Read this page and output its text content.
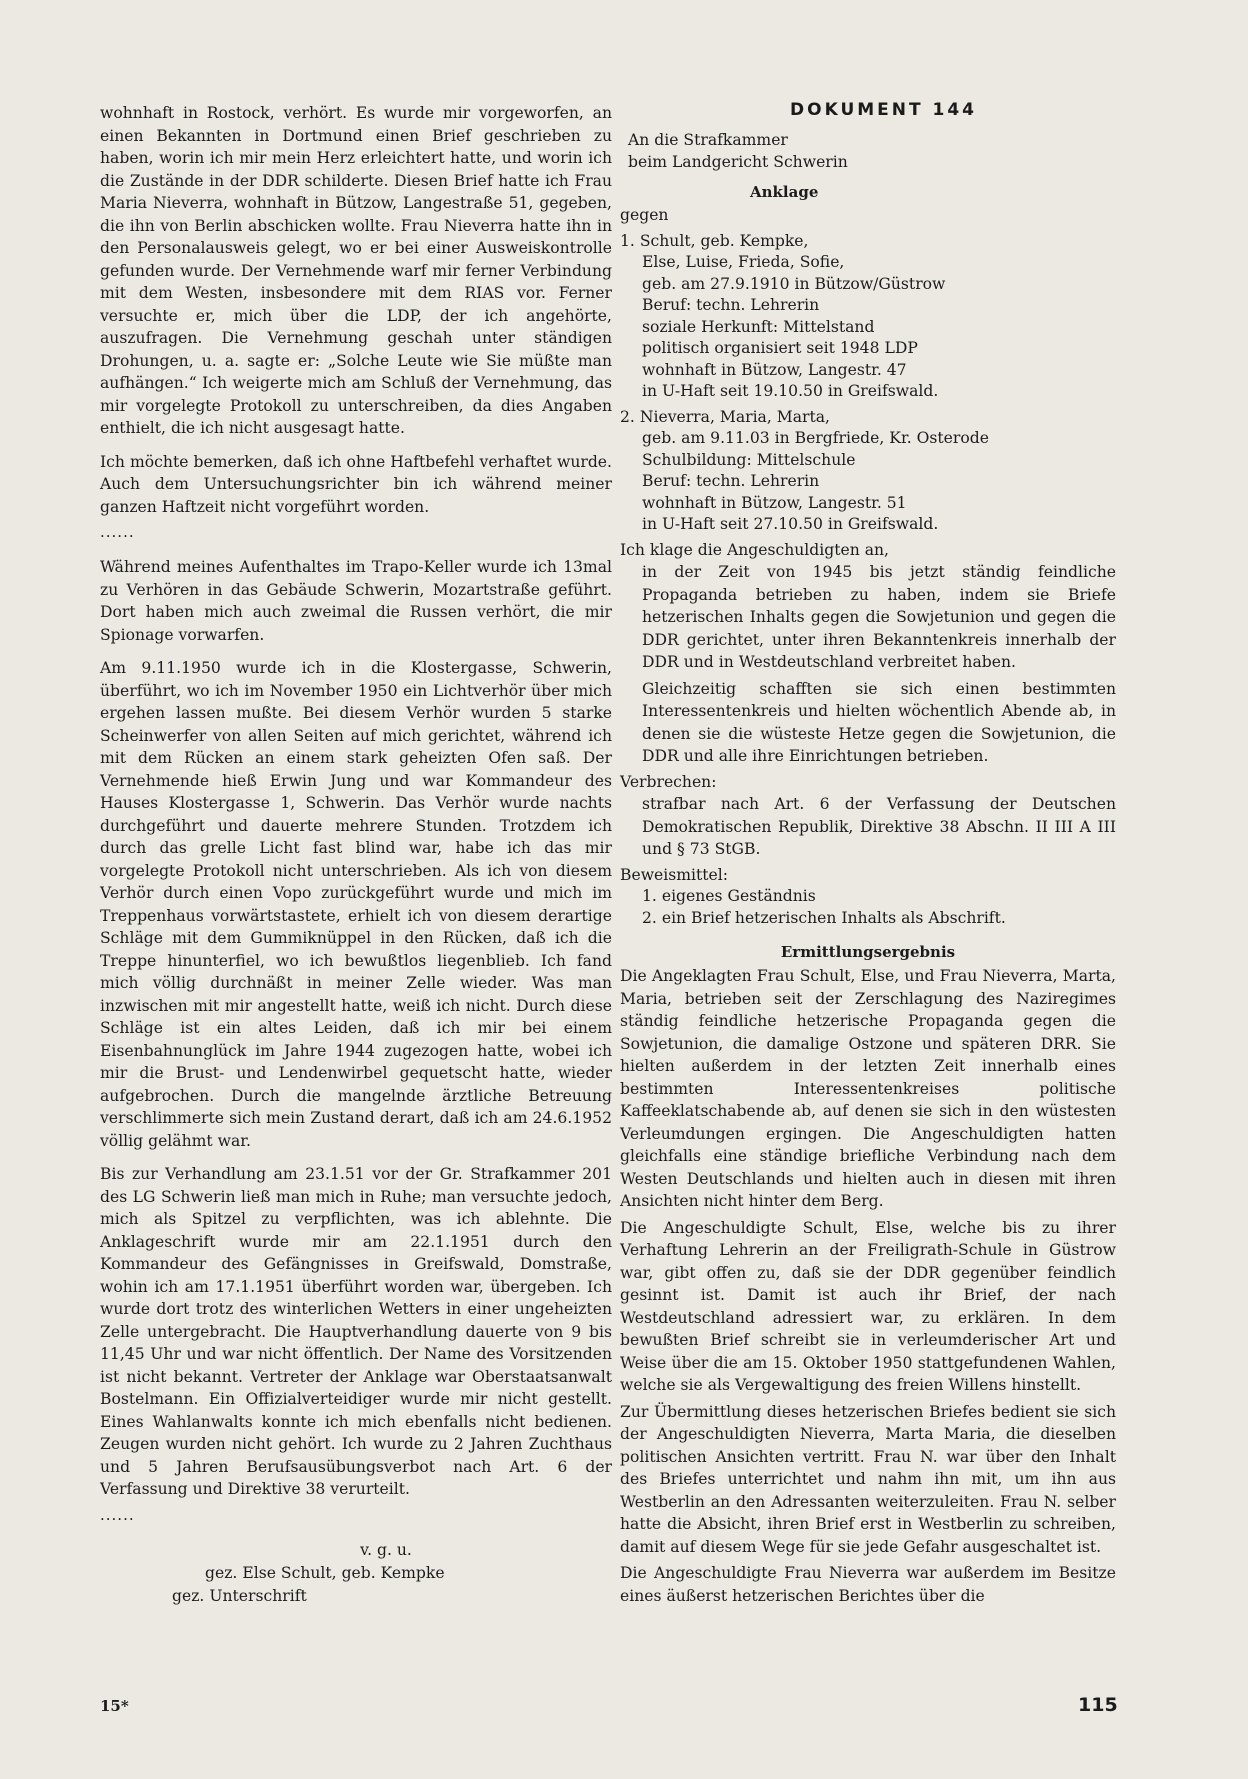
wohnhaft in Rostock, verhört. Es wurde mir vorgeworfen, an einen Bekannten in Dortmund einen Brief geschrieben zu haben, worin ich mir mein Herz erleichtert hatte, und worin ich die Zustände in der DDR schilderte. Diesen Brief hatte ich Frau Maria Nieverra, wohnhaft in Bützow, Langestraße 51, gegeben, die ihn von Berlin abschicken wollte. Frau Nieverra hatte ihn in den Personalausweis gelegt, wo er bei einer Ausweiskontrolle gefunden wurde. Der Vernehmende warf mir ferner Verbindung mit dem Westen, insbesondere mit dem RIAS vor. Ferner versuchte er, mich über die LDP, der ich angehörte, auszufragen. Die Vernehmung geschah unter ständigen Drohungen, u. a. sagte er: „Solche Leute wie Sie müßte man aufhängen.“ Ich weigerte mich am Schluß der Vernehmung, das mir vorgelegte Protokoll zu unterschreiben, da dies Angaben enthielt, die ich nicht ausgesagt hatte.

Ich möchte bemerken, daß ich ohne Haftbefehl verhaftet wurde. Auch dem Untersuchungsrichter bin ich während meiner ganzen Haftzeit nicht vorgeführt worden.

......

Während meines Aufenthaltes im Trapo-Keller wurde ich 13mal zu Verhören in das Gebäude Schwerin, Mozartstraße geführt. Dort haben mich auch zweimal die Russen verhört, die mir Spionage vorwarfen.

Am 9.11.1950 wurde ich in die Klostergasse, Schwerin, überführt, wo ich im November 1950 ein Lichtverhör über mich ergehen lassen mußte. Bei diesem Verhör wurden 5 starke Scheinwerfer von allen Seiten auf mich gerichtet, während ich mit dem Rücken an einem stark geheizten Ofen saß. Der Vernehmende hieß Erwin Jung und war Kommandeur des Hauses Klostergasse 1, Schwerin. Das Verhör wurde nachts durchgeführt und dauerte mehrere Stunden. Trotzdem ich durch das grelle Licht fast blind war, habe ich das mir vorgelegte Protokoll nicht unterschrieben. Als ich von diesem Verhör durch einen Vopo zurückgeführt wurde und mich im Treppenhaus vorwärtstastete, erhielt ich von diesem derartige Schläge mit dem Gummiknüppel in den Rücken, daß ich die Treppe hinunterfiel, wo ich bewußtlos liegenblieb. Ich fand mich völlig durchnäßt in meiner Zelle wieder. Was man inzwischen mit mir angestellt hatte, weiß ich nicht. Durch diese Schläge ist ein altes Leiden, daß ich mir bei einem Eisenbahnunglück im Jahre 1944 zugezogen hatte, wobei ich mir die Brust- und Lendenwirbel gequetscht hatte, wieder aufgebrochen. Durch die mangelnde ärztliche Betreuung verschlimmerte sich mein Zustand derart, daß ich am 24.6.1952 völlig gelähmt war.

Bis zur Verhandlung am 23.1.51 vor der Gr. Strafkammer 201 des LG Schwerin ließ man mich in Ruhe; man versuchte jedoch, mich als Spitzel zu verpflichten, was ich ablehnte. Die Anklageschrift wurde mir am 22.1.1951 durch den Kommandeur des Gefängnisses in Greifswald, Domstraße, wohin ich am 17.1.1951 überführt worden war, übergeben. Ich wurde dort trotz des winterlichen Wetters in einer ungeheizten Zelle untergebracht. Die Hauptverhandlung dauerte von 9 bis 11,45 Uhr und war nicht öffentlich. Der Name des Vorsitzenden ist nicht bekannt. Vertreter der Anklage war Oberstaatsanwalt Bostelmann. Ein Offizialverteidiger wurde mir nicht gestellt. Eines Wahlanwalts konnte ich mich ebenfalls nicht bedienen. Zeugen wurden nicht gehört. Ich wurde zu 2 Jahren Zuchthaus und 5 Jahren Berufsausübungsverbot nach Art. 6 der Verfassung und Direktive 38 verurteilt.

......
v. g. u.
gez. Else Schult, geb. Kempke
gez. Unterschrift
DOKUMENT 144
An die Strafkammer
beim Landgericht Schwerin
Anklage
gegen
1. Schult, geb. Kempke,
Else, Luise, Frieda, Sofie,
geb. am 27.9.1910 in Bützow/Güstrow
Beruf: techn. Lehrerin
soziale Herkunft: Mittelstand
politisch organisiert seit 1948 LDP
wohnhaft in Bützow, Langestr. 47
in U-Haft seit 19.10.50 in Greifswald.
2. Nieverra, Maria, Marta,
geb. am 9.11.03 in Bergfriede, Kr. Osterode
Schulbildung: Mittelschule
Beruf: techn. Lehrerin
wohnhaft in Bützow, Langestr. 51
in U-Haft seit 27.10.50 in Greifswald.
Ich klage die Angeschuldigten an,

in der Zeit von 1945 bis jetzt ständig feindliche Propaganda betrieben zu haben, indem sie Briefe hetzerischen Inhalts gegen die Sowjetunion und gegen die DDR gerichtet, unter ihren Bekanntenkreis innerhalb der DDR und in Westdeutschland verbreitet haben.

Gleichzeitig schafften sie sich einen bestimmten Interessentenkreis und hielten wöchentlich Abende ab, in denen sie die wüsteste Hetze gegen die Sowjetunion, die DDR und alle ihre Einrichtungen betrieben.

Verbrechen:

strafbar nach Art. 6 der Verfassung der Deutschen Demokratischen Republik, Direktive 38 Abschn. II III A III und § 73 StGB.

Beweismittel:
1. eigenes Geständnis
2. ein Brief hetzerischen Inhalts als Abschrift.
Ermittlungsergebnis

Die Angeklagten Frau Schult, Else, und Frau Nieverra, Marta, Maria, betrieben seit der Zerschlagung des Naziregimes ständig feindliche hetzerische Propaganda gegen die Sowjetunion, die damalige Ostzone und späteren DRR. Sie hielten außerdem in der letzten Zeit innerhalb eines bestimmten Interessentenkreises politische Kaffeeklatschabende ab, auf denen sie sich in den wüstesten Verleumdungen ergingen. Die Angeschuldigten hatten gleichfalls eine ständige briefliche Verbindung nach dem Westen Deutschlands und hielten auch in diesen mit ihren Ansichten nicht hinter dem Berg.

Die Angeschuldigte Schult, Else, welche bis zu ihrer Verhaftung Lehrerin an der Freiligrath-Schule in Güstrow war, gibt offen zu, daß sie der DDR gegenüber feindlich gesinnt ist. Damit ist auch ihr Brief, der nach Westdeutschland adressiert war, zu erklären. In dem bewußten Brief schreibt sie in verleumderischer Art und Weise über die am 15. Oktober 1950 stattgefundenen Wahlen, welche sie als Vergewaltigung des freien Willens hinstellt.

Zur Übermittlung dieses hetzerischen Briefes bedient sie sich der Angeschuldigten Nieverra, Marta Maria, die dieselben politischen Ansichten vertritt. Frau N. war über den Inhalt des Briefes unterrichtet und nahm ihn mit, um ihn aus Westberlin an den Adressanten weiterzuleiten. Frau N. selber hatte die Absicht, ihren Brief erst in Westberlin zu schreiben, damit auf diesem Wege für sie jede Gefahr ausgeschaltet ist.

Die Angeschuldigte Frau Nieverra war außerdem im Besitze eines äußerst hetzerischen Berichtes über die

15*	115
